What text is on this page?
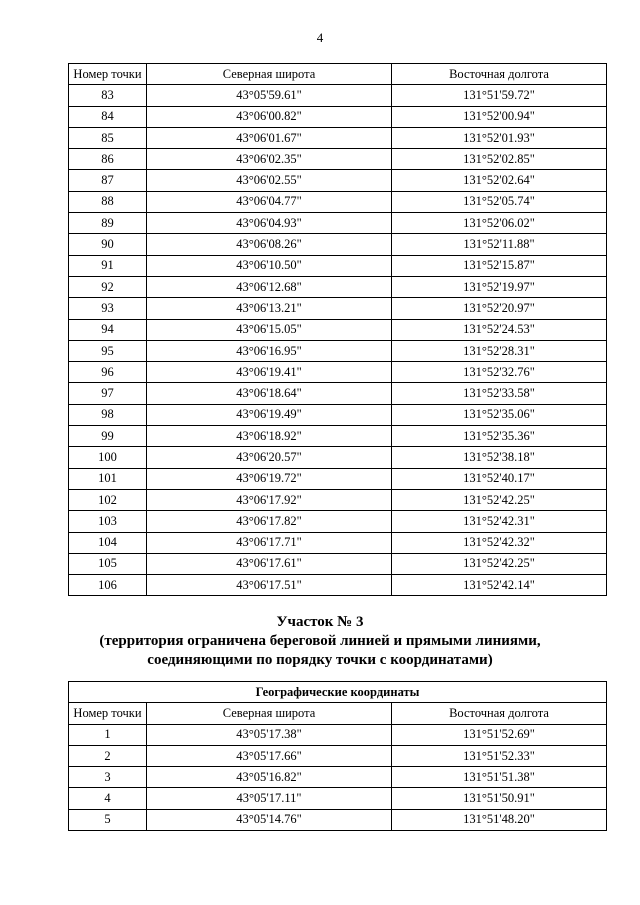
4
Номер точки	Северная широта	Восточная долгота
83	43°05'59.61"	131°51'59.72"
84	43°06'00.82"	131°52'00.94"
85	43°06'01.67"	131°52'01.93"
86	43°06'02.35"	131°52'02.85"
87	43°06'02.55"	131°52'02.64"
88	43°06'04.77"	131°52'05.74"
89	43°06'04.93"	131°52'06.02"
90	43°06'08.26"	131°52'11.88"
91	43°06'10.50"	131°52'15.87"
92	43°06'12.68"	131°52'19.97"
93	43°06'13.21"	131°52'20.97"
94	43°06'15.05"	131°52'24.53"
95	43°06'16.95"	131°52'28.31"
96	43°06'19.41"	131°52'32.76"
97	43°06'18.64"	131°52'33.58"
98	43°06'19.49"	131°52'35.06"
99	43°06'18.92"	131°52'35.36"
100	43°06'20.57"	131°52'38.18"
101	43°06'19.72"	131°52'40.17"
102	43°06'17.92"	131°52'42.25"
103	43°06'17.82"	131°52'42.31"
104	43°06'17.71"	131°52'42.32"
105	43°06'17.61"	131°52'42.25"
106	43°06'17.51"	131°52'42.14"
Участок № 3
(территория ограничена береговой линией и прямыми линиями,
соединяющими по порядку точки с координатами)
Географические координаты		
Номер точки	Северная широта	Восточная долгота
1	43°05'17.38"	131°51'52.69"
2	43°05'17.66"	131°51'52.33"
3	43°05'16.82"	131°51'51.38"
4	43°05'17.11"	131°51'50.91"
5	43°05'14.76"	131°51'48.20"
